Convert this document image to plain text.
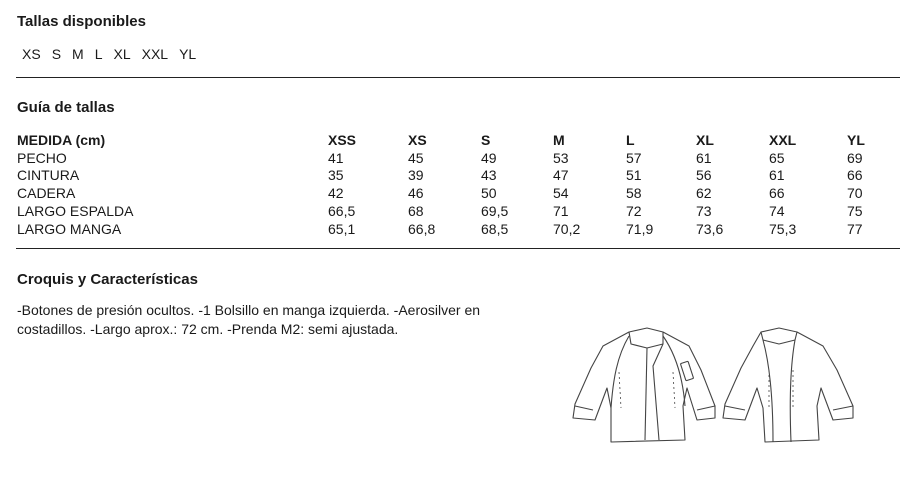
Tallas disponibles
XS S M L XL XXL YL
Guía de tallas
MEDIDA (cm)	XSS	XS	S	M	L	XL	XXL	YL
PECHO	41	45	49	53	57	61	65	69
CINTURA	35	39	43	47	51	56	61	66
CADERA	42	46	50	54	58	62	66	70
LARGO ESPALDA	66,5	68	69,5	71	72	73	74	75
LARGO MANGA	65,1	66,8	68,5	70,2	71,9	73,6	75,3	77
Croquis y Características
-Botones de presión ocultos. -1 Bolsillo en manga izquierda. -Aerosilver en
costadillos. -Largo aprox.: 72 cm. -Prenda M2: semi ajustada.
